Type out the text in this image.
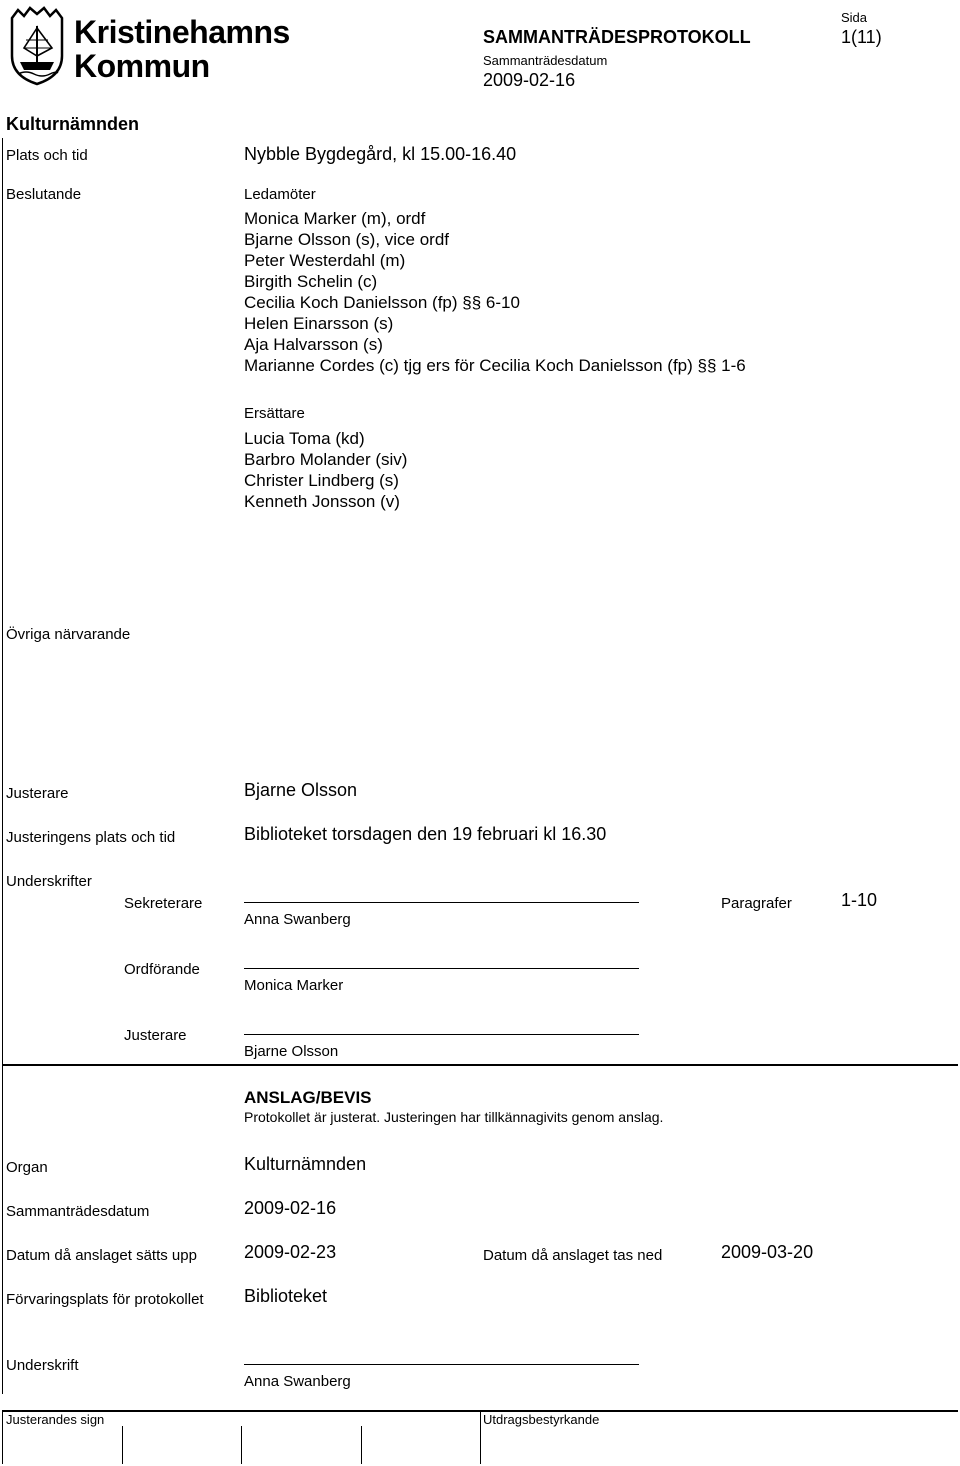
Kristinehamns
Kommun
SAMMANTRÄDESPROTOKOLL
Sammanträdesdatum
2009-02-16
Sida
1(11)
Kulturnämnden
Plats och tid	Nybble Bygdegård, kl 15.00-16.40
Beslutande	Ledamöter
Monica Marker (m), ordf
Bjarne Olsson (s), vice ordf
Peter Westerdahl (m)
Birgith Schelin (c)
Cecilia Koch Danielsson (fp) §§ 6-10
Helen Einarsson (s)
Aja Halvarsson (s)
Marianne Cordes (c) tjg ers för Cecilia Koch Danielsson (fp) §§ 1-6
Ersättare
Lucia Toma (kd)
Barbro Molander (siv)
Christer Lindberg (s)
Kenneth Jonsson (v)
Övriga närvarande
Justerare	Bjarne Olsson
Justeringens plats och tid	Biblioteket torsdagen den 19 februari kl 16.30
Underskrifter
Sekreterare
Anna Swanberg
Paragrafer	1-10
Ordförande
Monica Marker
Justerare
Bjarne Olsson
ANSLAG/BEVIS
Protokollet är justerat. Justeringen har tillkännagivits genom anslag.
Organ	Kulturnämnden
Sammanträdesdatum	2009-02-16
Datum då anslaget sätts upp	2009-02-23	Datum då anslaget tas ned	2009-03-20
Förvaringsplats för protokollet Biblioteket
Underskrift
Anna Swanberg
Justerandes sign	Utdragsbestyrkande
